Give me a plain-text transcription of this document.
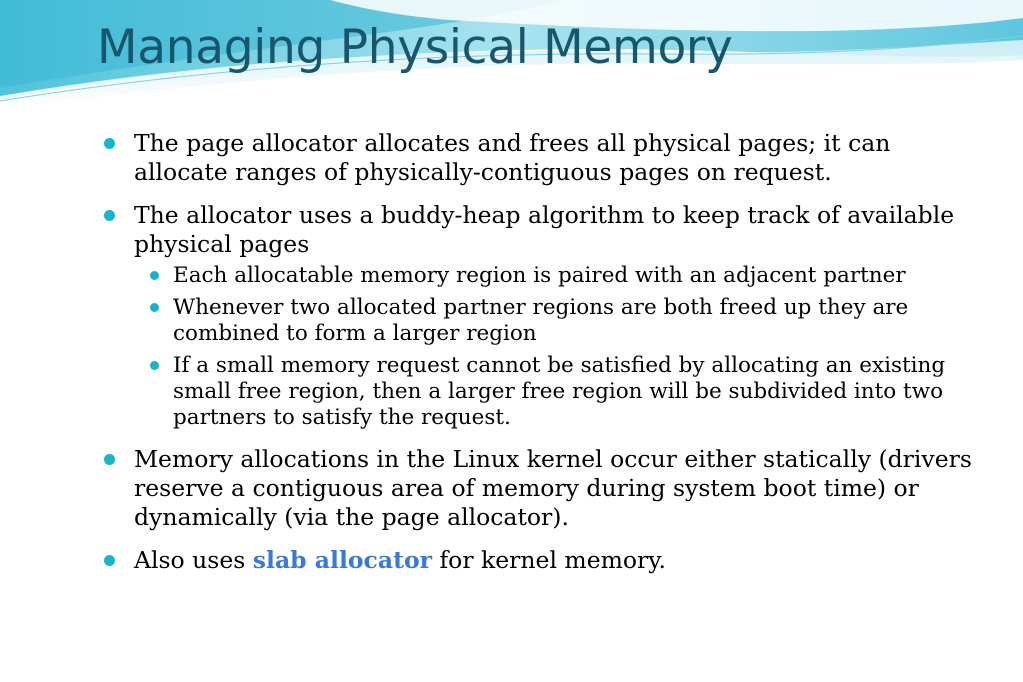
Managing Physical Memory
The page allocator allocates and frees all physical pages; it can allocate ranges of physically-contiguous pages on request.
The allocator uses a buddy-heap algorithm to keep track of available physical pages
Each allocatable memory region is paired with an adjacent partner
Whenever two allocated partner regions are both freed up they are combined to form a larger region
If a small memory request cannot be satisfied by allocating an existing small free region, then a larger free region will be subdivided into two partners to satisfy the request.
Memory allocations in the Linux kernel occur either statically (drivers reserve a contiguous area of memory during system boot time) or dynamically (via the page allocator).
Also uses slab allocator for kernel memory.
